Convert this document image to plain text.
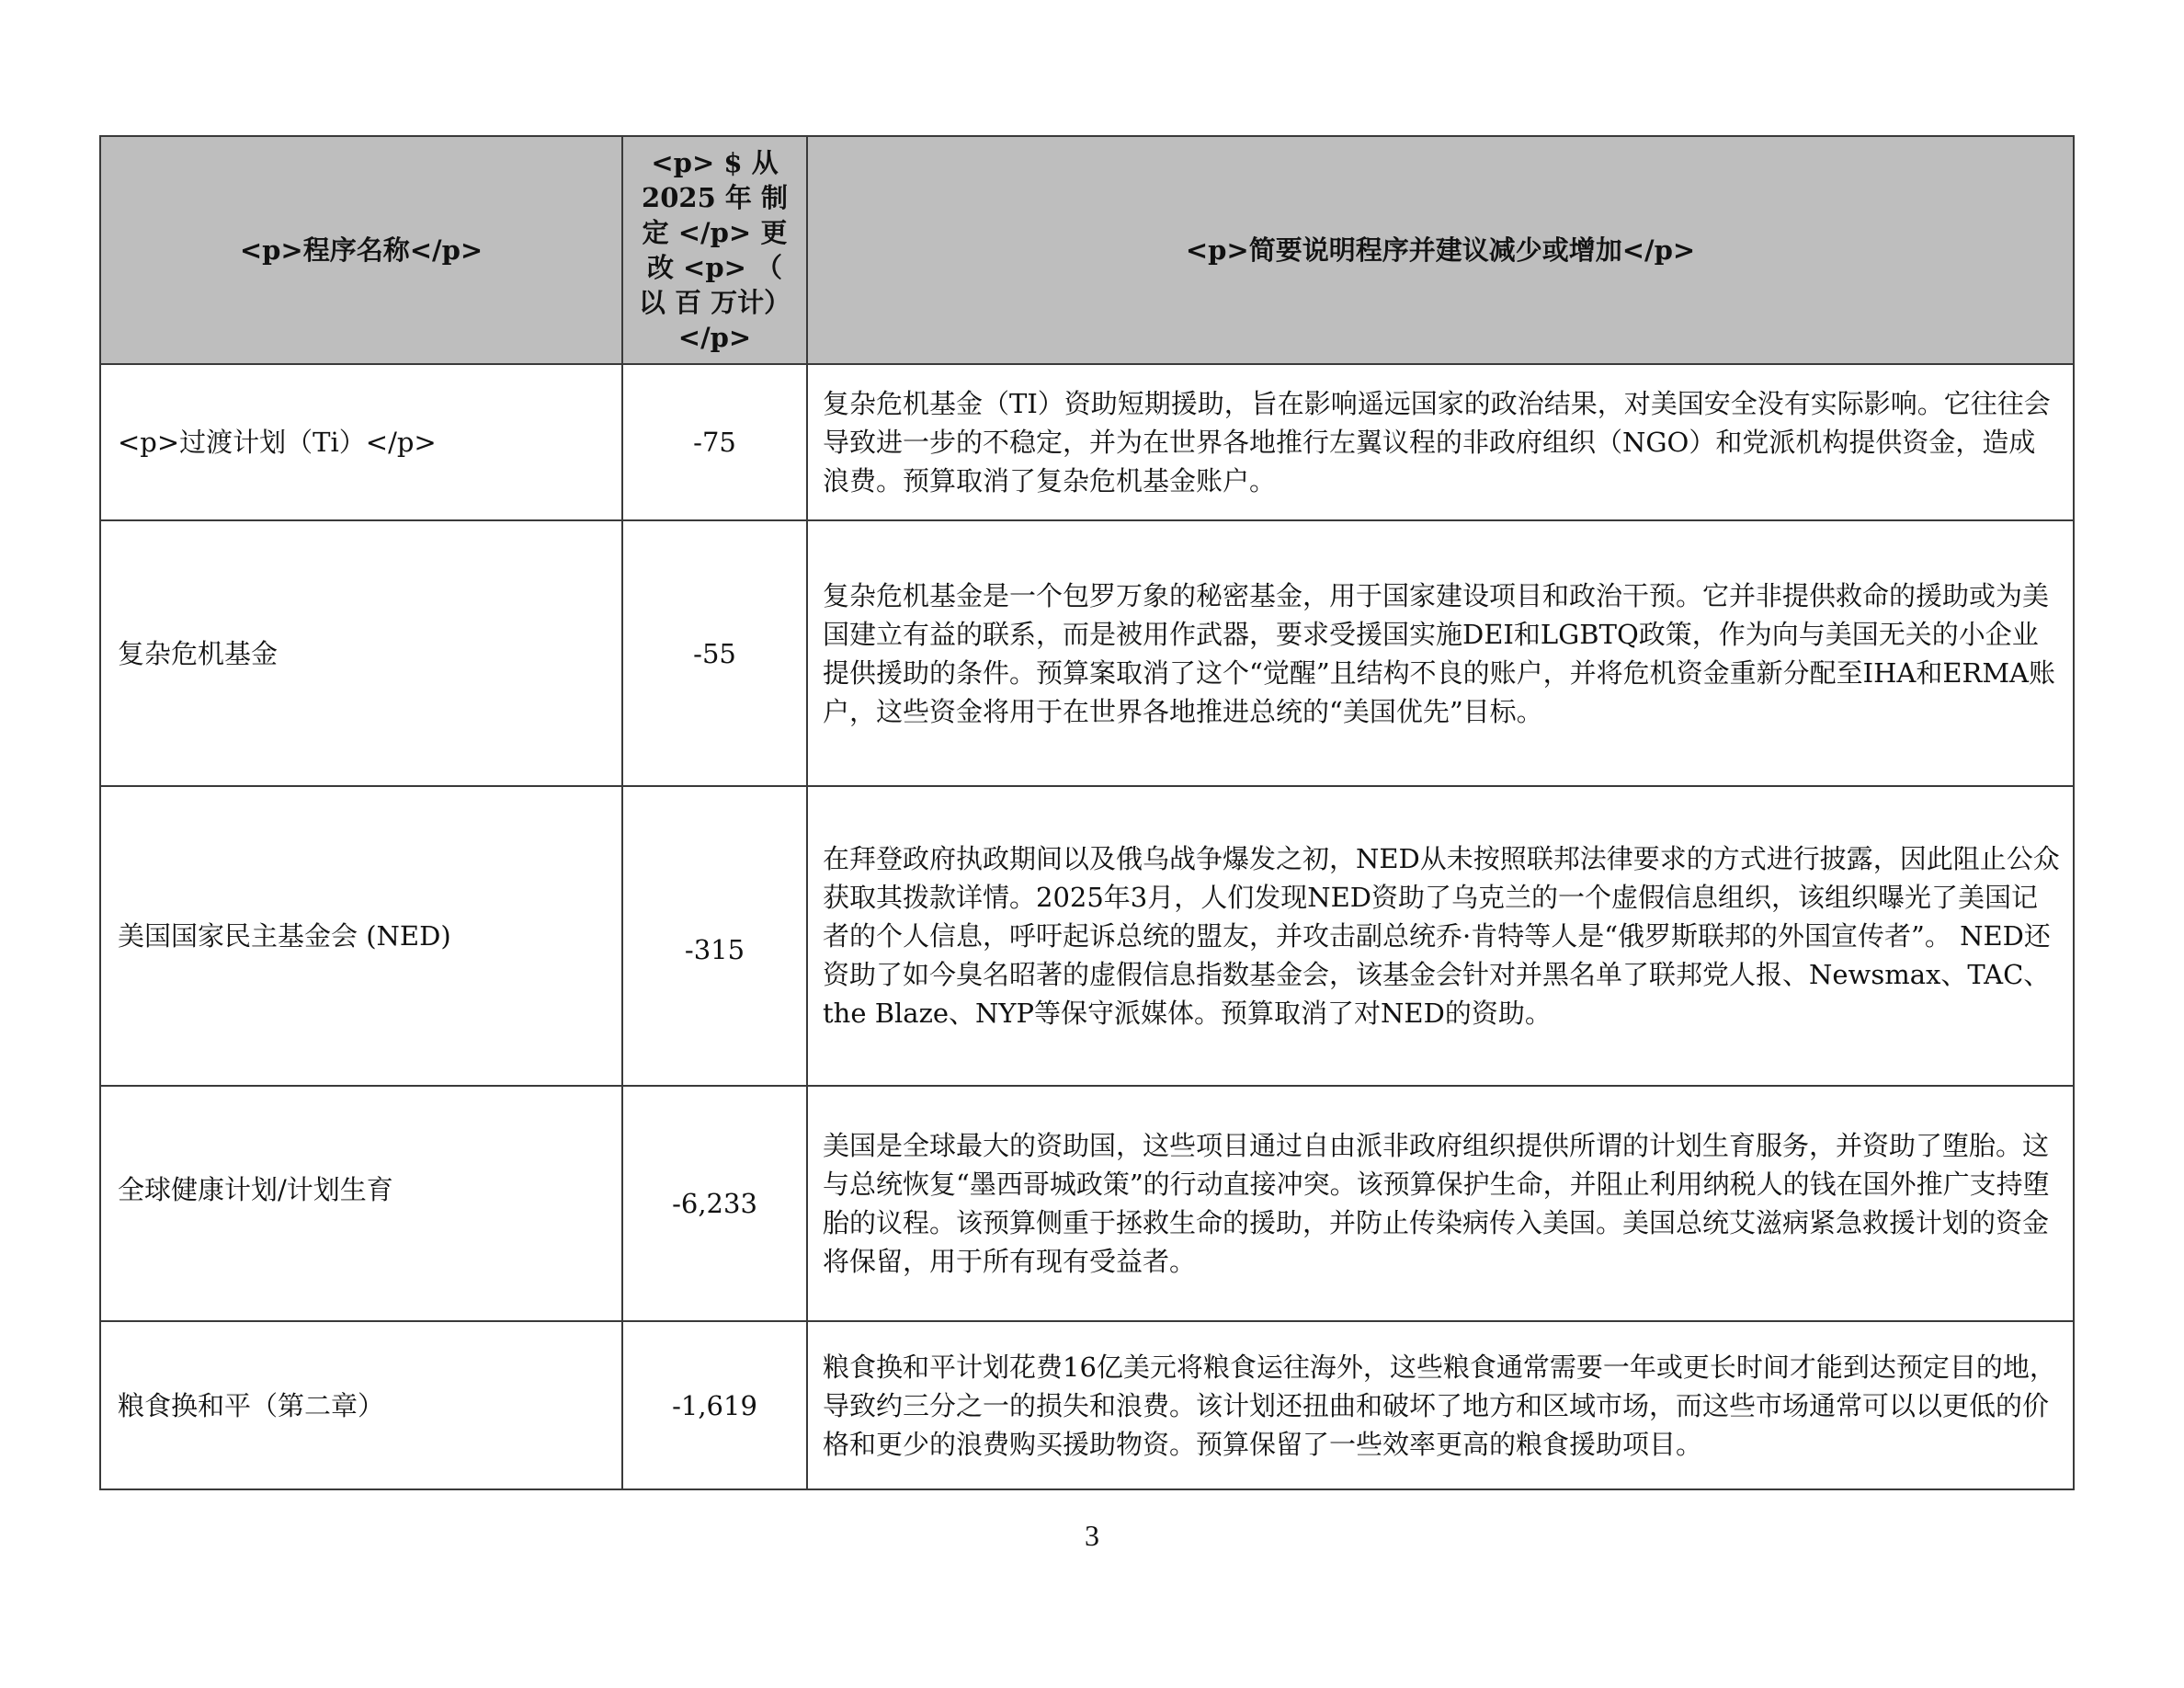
<p>程序名称</p>	<p> $ 从 2025 年 制 定 </p> 更 改 <p> （ 以 百 万计）</p>	<p>简要说明程序并建议减少或增加</p>
<p>过渡计划（Ti）</p>	-75	复杂危机基金（TI）资助短期援助，旨在影响遥远国家的政治结果，对美国安全没有实际影响。它往往会导致进一步的不稳定，并为在世界各地推行左翼议程的非政府组织（NGO）和党派机构提供资金，造成浪费。预算取消了复杂危机基金账户。
复杂危机基金	-55	复杂危机基金是一个包罗万象的秘密基金，用于国家建设项目和政治干预。它并非提供救命的援助或为美国建立有益的联系，而是被用作武器，要求受援国实施DEI和LGBTQ政策，作为向与美国无关的小企业提供援助的条件。预算案取消了这个“觉醒”且结构不良的账户，并将危机资金重新分配至IHA和ERMA账户，这些资金将用于在世界各地推进总统的“美国优先”目标。
美国国家民主基金会 (NED)	-315	在拜登政府执政期间以及俄乌战争爆发之初，NED从未按照联邦法律要求的方式进行披露，因此阻止公众获取其拨款详情。2025年3月，人们发现NED资助了乌克兰的一个虚假信息组织，该组织曝光了美国记者的个人信息，呼吁起诉总统的盟友，并攻击副总统乔·肯特等人是“俄罗斯联邦的外国宣传者”。 NED还资助了如今臭名昭著的虚假信息指数基金会，该基金会针对并黑名单了联邦党人报、Newsmax、TAC、the Blaze、NYP等保守派媒体。预算取消了对NED的资助。
全球健康计划/计划生育	-6,233	美国是全球最大的资助国，这些项目通过自由派非政府组织提供所谓的计划生育服务，并资助了堕胎。这与总统恢复“墨西哥城政策”的行动直接冲突。该预算保护生命，并阻止利用纳税人的钱在国外推广支持堕胎的议程。该预算侧重于拯救生命的援助，并防止传染病传入美国。美国总统艾滋病紧急救援计划的资金将保留，用于所有现有受益者。
粮食换和平（第二章）	-1,619	粮食换和平计划花费16亿美元将粮食运往海外，这些粮食通常需要一年或更长时间才能到达预定目的地，导致约三分之一的损失和浪费。该计划还扭曲和破坏了地方和区域市场，而这些市场通常可以以更低的价格和更少的浪费购买援助物资。预算保留了一些效率更高的粮食援助项目。
3
